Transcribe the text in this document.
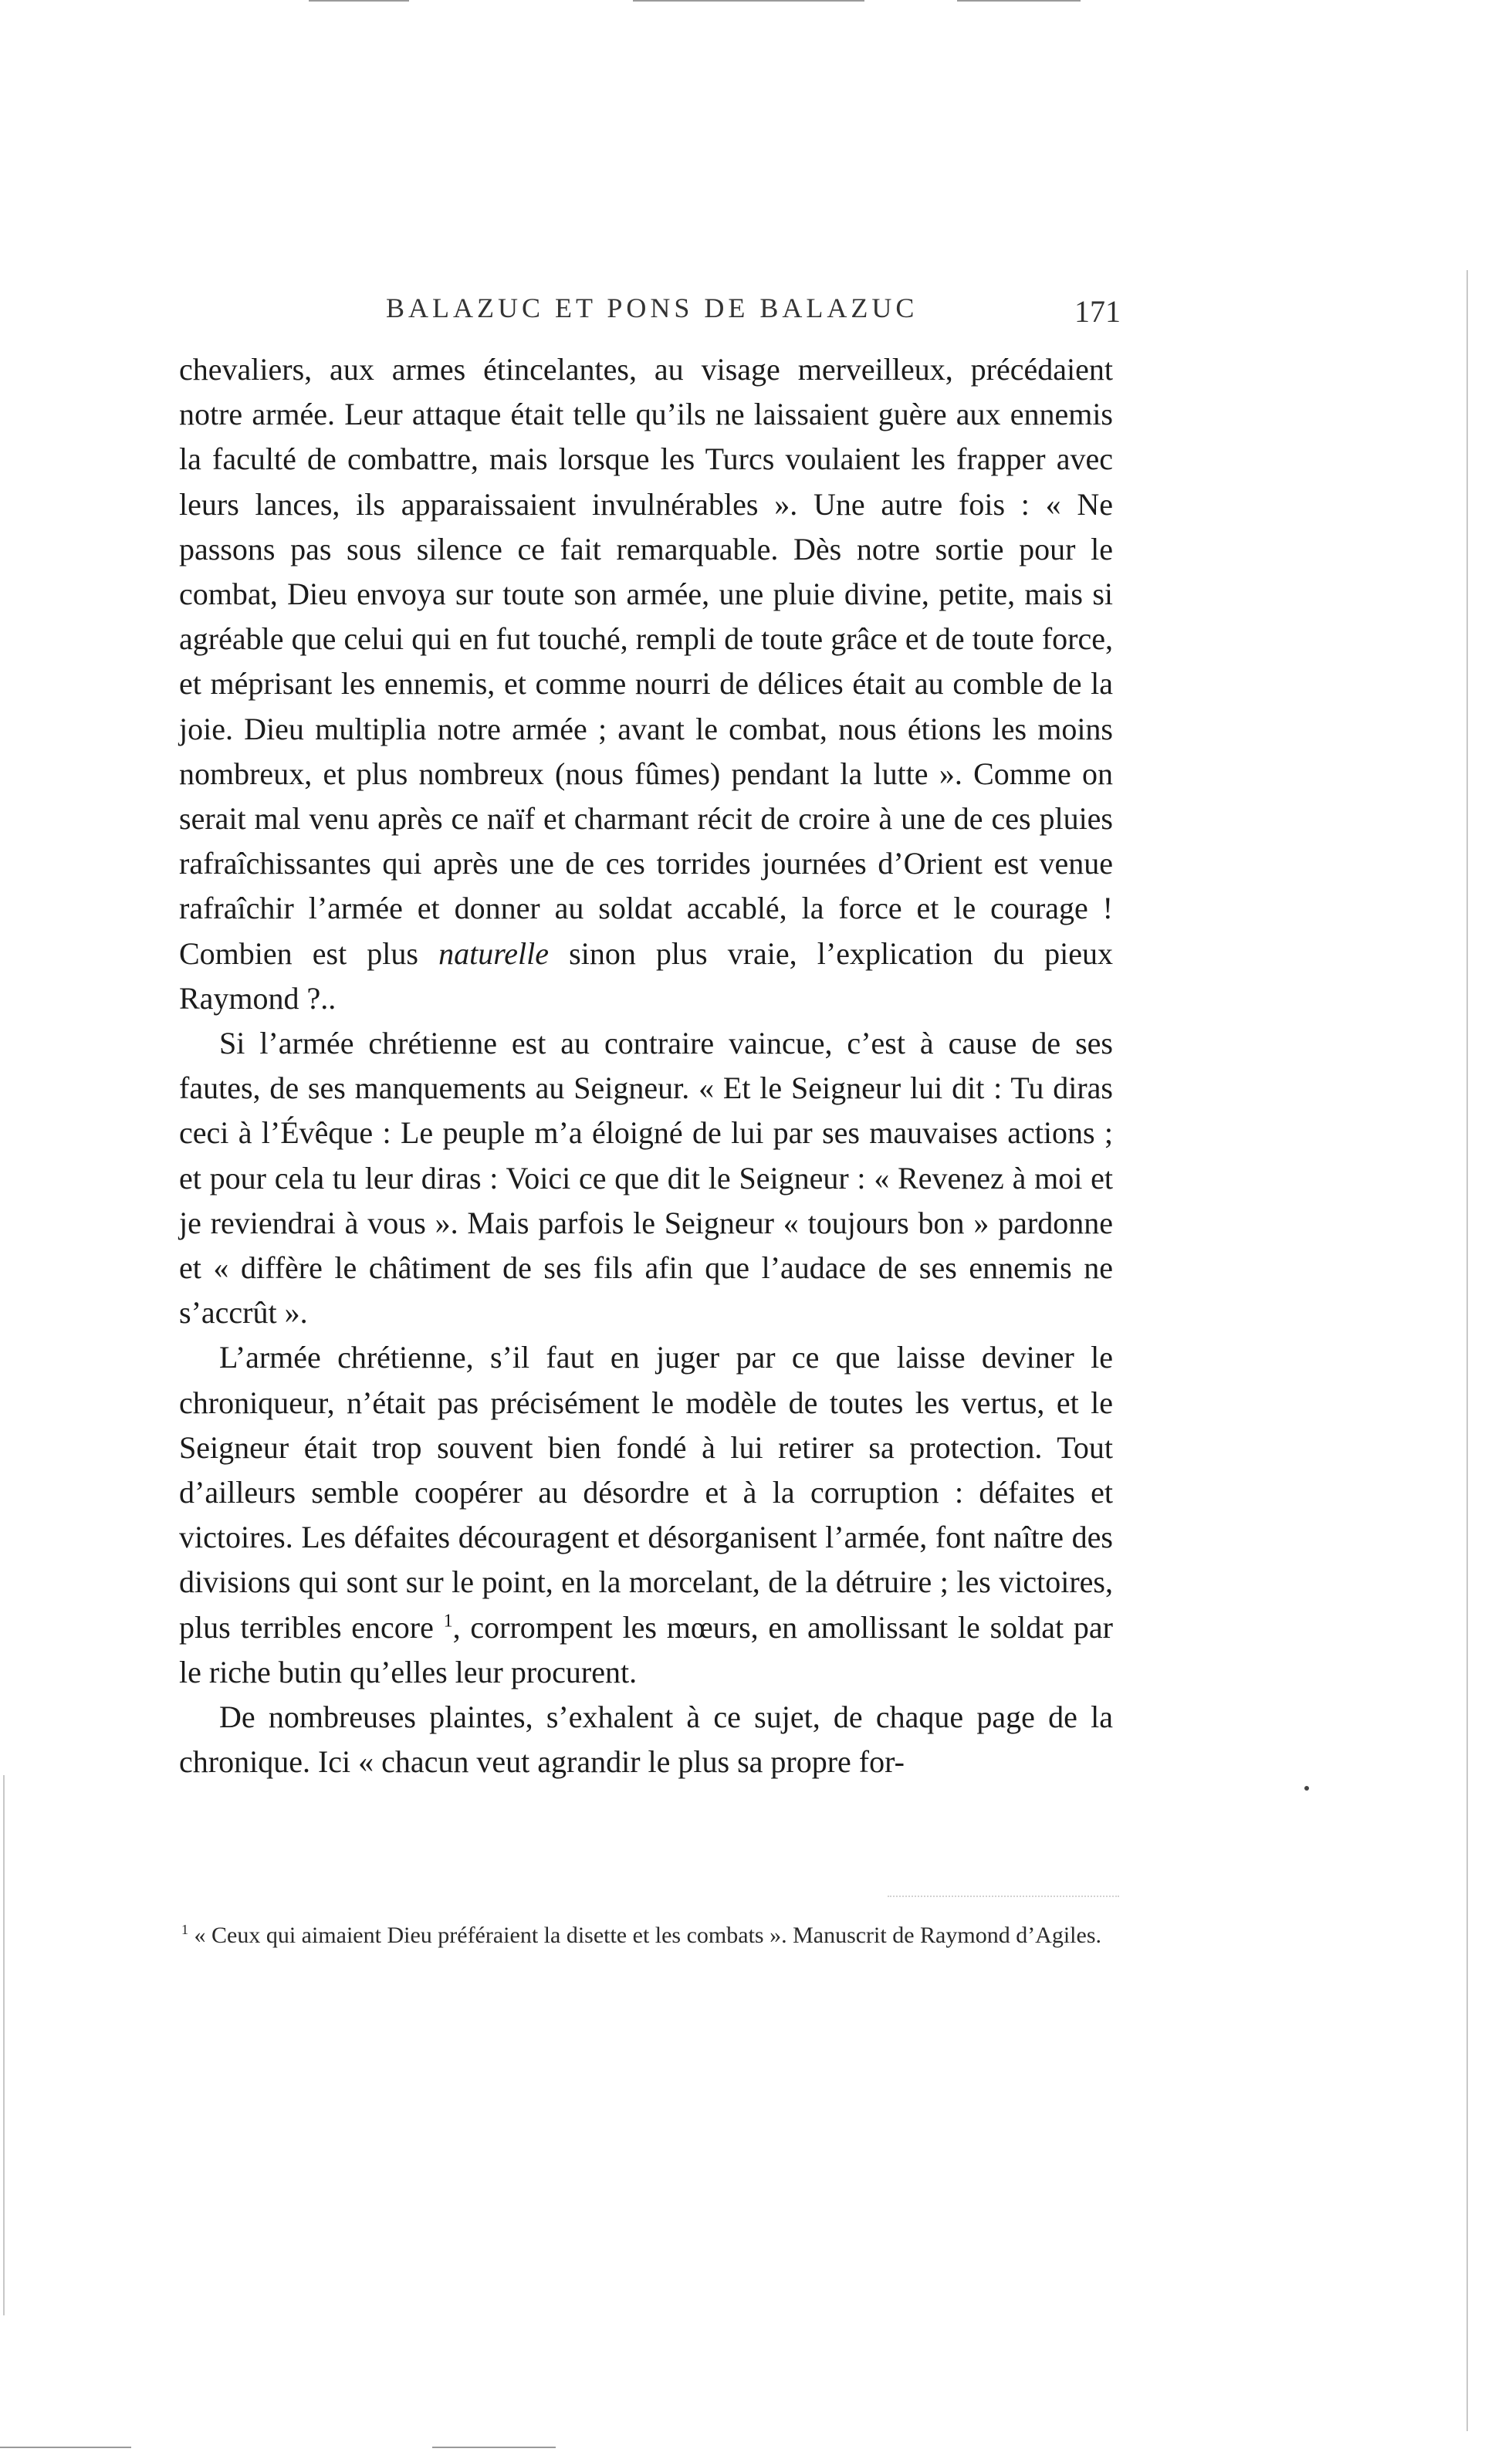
BALAZUC ET PONS DE BALAZUC	171

chevaliers, aux armes étincelantes, au visage merveilleux, précédaient notre armée. Leur attaque était telle qu’ils ne laissaient guère aux ennemis la faculté de combattre, mais lorsque les Turcs voulaient les frapper avec leurs lances, ils apparaissaient invulnérables ». Une autre fois : « Ne passons pas sous silence ce fait remarquable. Dès notre sortie pour le combat, Dieu envoya sur toute son armée, une pluie divine, petite, mais si agréable que celui qui en fut touché, rempli de toute grâce et de toute force, et méprisant les ennemis, et comme nourri de délices était au comble de la joie. Dieu multiplia notre armée ; avant le combat, nous étions les moins nombreux, et plus nombreux (nous fûmes) pendant la lutte ». Comme on serait mal venu après ce naïf et charmant récit de croire à une de ces pluies rafraîchissantes qui après une de ces torrides journées d’Orient est venue rafraîchir l’armée et donner au soldat accablé, la force et le courage ! Combien est plus naturelle sinon plus vraie, l’explication du pieux Raymond ?..

Si l’armée chrétienne est au contraire vaincue, c’est à cause de ses fautes, de ses manquements au Seigneur. « Et le Seigneur lui dit : Tu diras ceci à l’Évêque : Le peuple m’a éloigné de lui par ses mauvaises actions ; et pour cela tu leur diras : Voici ce que dit le Seigneur : « Revenez à moi et je reviendrai à vous ». Mais parfois le Seigneur « toujours bon » pardonne et « diffère le châtiment de ses fils afin que l’audace de ses ennemis ne s’accrût ».

L’armée chrétienne, s’il faut en juger par ce que laisse deviner le chroniqueur, n’était pas précisément le modèle de toutes les vertus, et le Seigneur était trop souvent bien fondé à lui retirer sa protection. Tout d’ailleurs semble coopérer au désordre et à la corruption : défaites et victoires. Les défaites découragent et désorganisent l’armée, font naître des divisions qui sont sur le point, en la morcelant, de la détruire ; les victoires, plus terribles encore $^1$, corrompent les mœurs, en amollissant le soldat par le riche butin qu’elles leur procurent.

De nombreuses plaintes, s’exhalent à ce sujet, de chaque page de la chronique. Ici « chacun veut agrandir le plus sa propre for-

$^1$ « Ceux qui aimaient Dieu préféraient la disette et les combats ». Manuscrit de Raymond d’Agiles.
